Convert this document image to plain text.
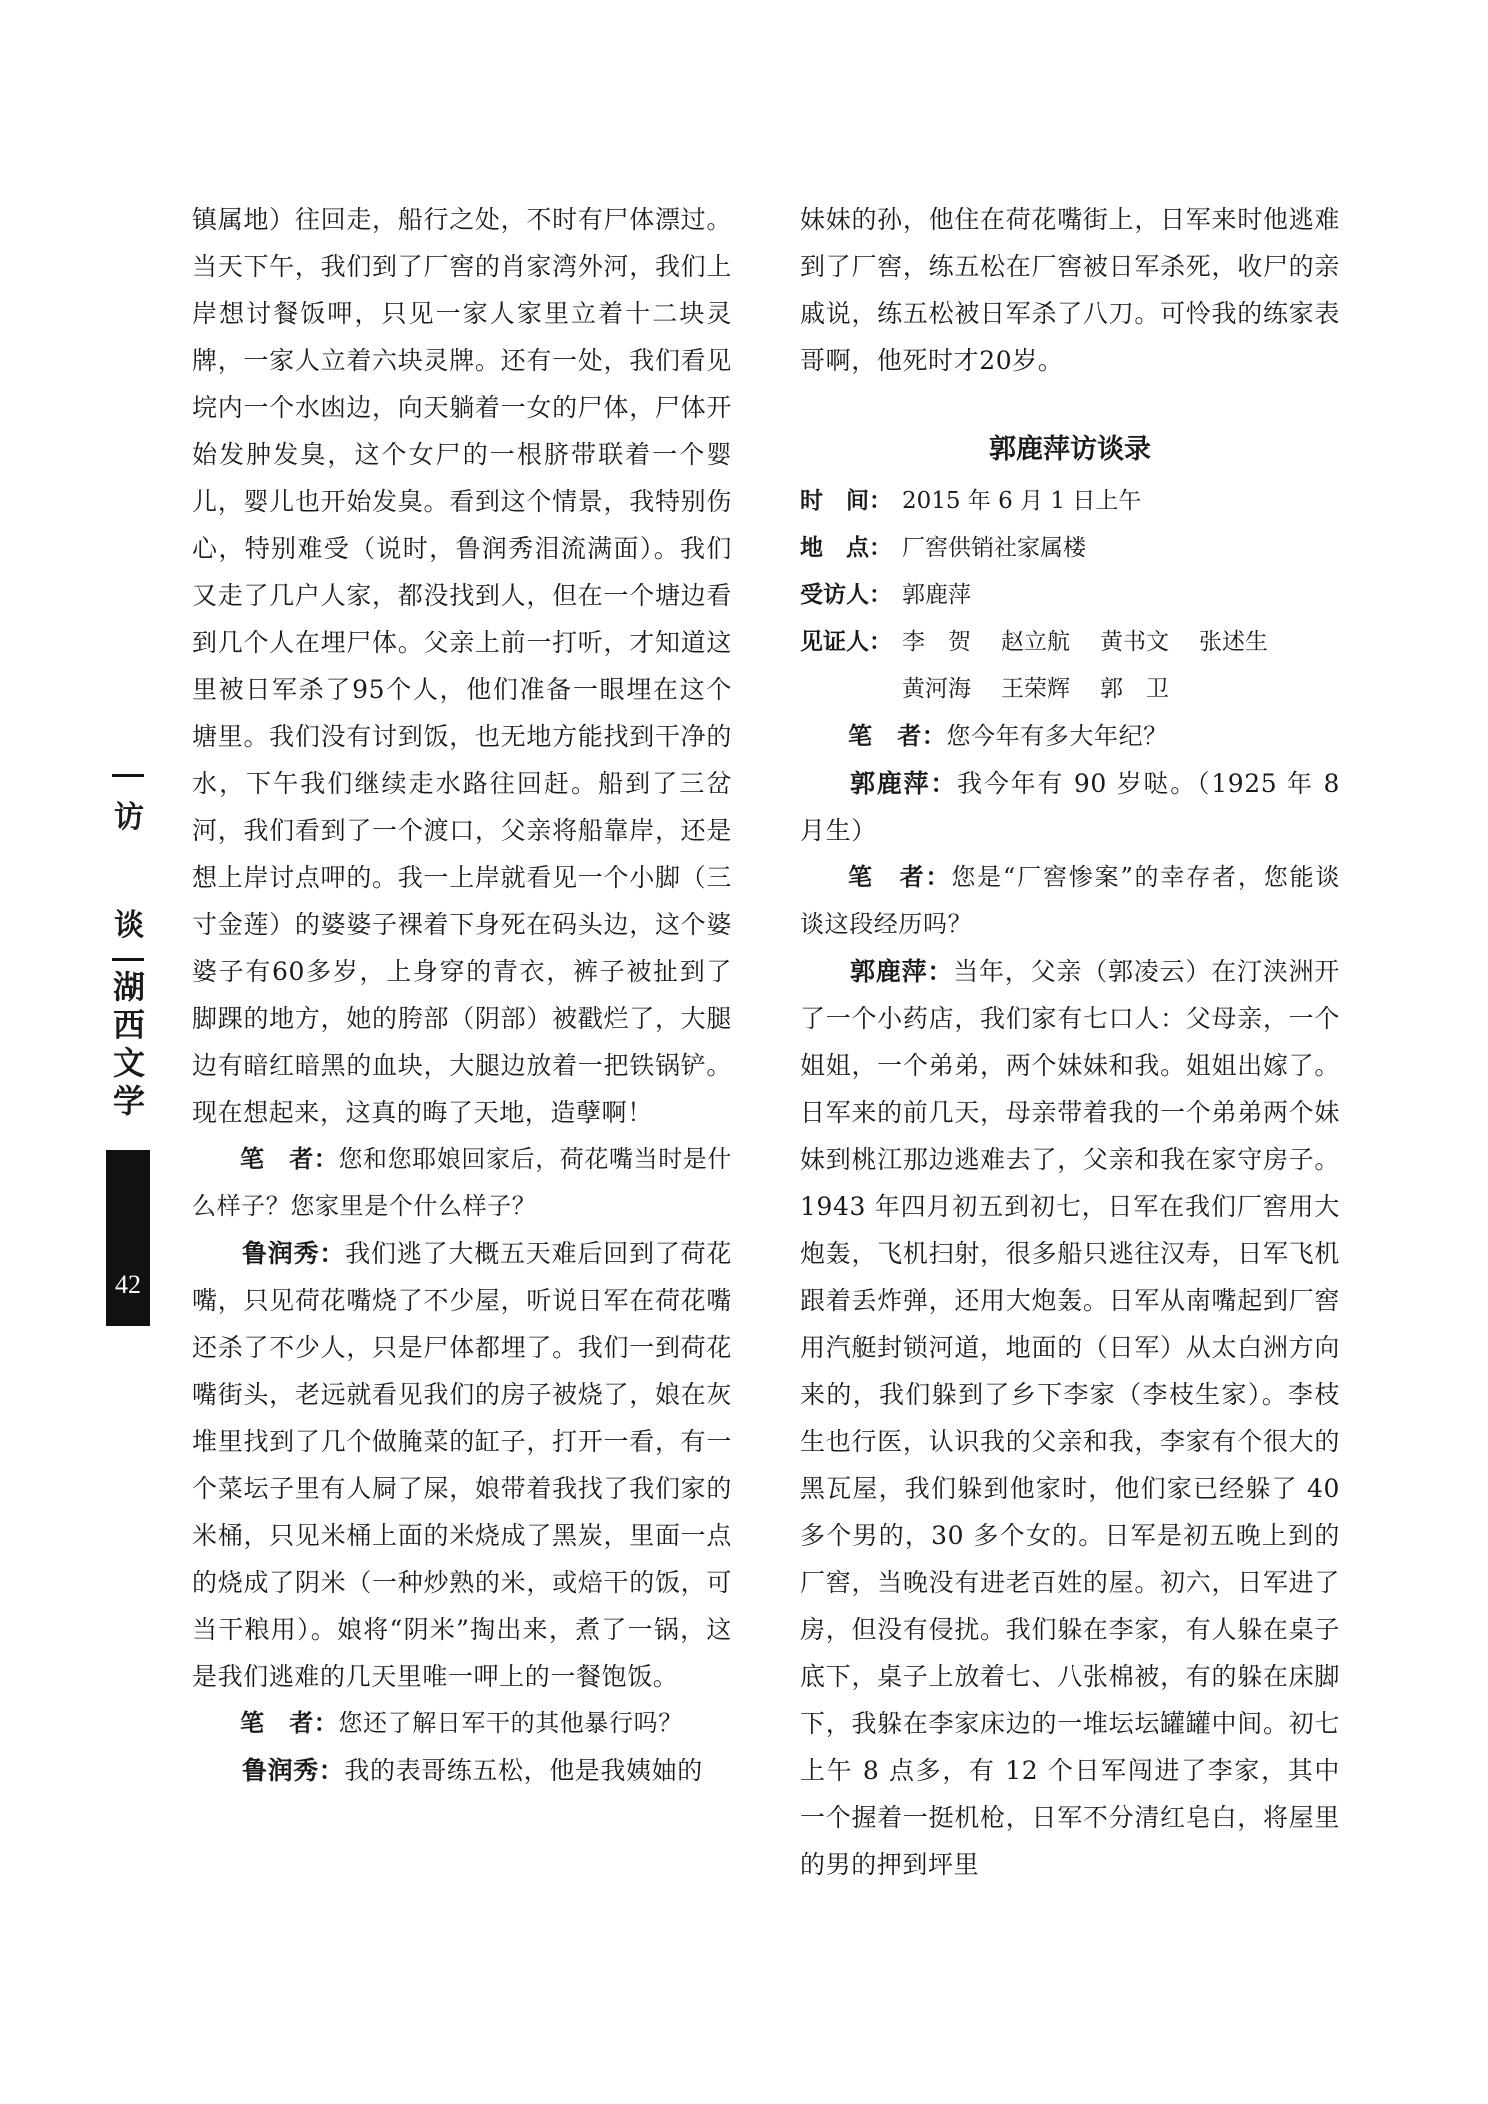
访
谈
湖
西
文
学
42

镇属地）往回走，船行之处，不时有尸体漂过。当天下午，我们到了厂窖的肖家湾外河，我们上岸想讨餐饭呷，只见一家人家里立着十二块灵牌，一家人立着六块灵牌。还有一处，我们看见垸内一个水凼边，向天躺着一女的尸体，尸体开始发肿发臭，这个女尸的一根脐带联着一个婴儿，婴儿也开始发臭。看到这个情景，我特别伤心，特别难受（说时，鲁润秀泪流满面）。我们又走了几户人家，都没找到人，但在一个塘边看到几个人在埋尸体。父亲上前一打听，才知道这里被日军杀了95个人，他们准备一眼埋在这个塘里。我们没有讨到饭，也无地方能找到干净的水，下午我们继续走水路往回赶。船到了三岔河，我们看到了一个渡口，父亲将船靠岸，还是想上岸讨点呷的。我一上岸就看见一个小脚（三寸金莲）的婆婆子裸着下身死在码头边，这个婆婆子有60多岁，上身穿的青衣，裤子被扯到了脚踝的地方，她的胯部（阴部）被戳烂了，大腿边有暗红暗黑的血块，大腿边放着一把铁锅铲。现在想起来，这真的晦了天地，造孽啊！

笔　者：您和您耶娘回家后，荷花嘴当时是什么样子？您家里是个什么样子？

鲁润秀：我们逃了大概五天难后回到了荷花嘴，只见荷花嘴烧了不少屋，听说日军在荷花嘴还杀了不少人，只是尸体都埋了。我们一到荷花嘴街头，老远就看见我们的房子被烧了，娘在灰堆里找到了几个做腌菜的缸子，打开一看，有一个菜坛子里有人屙了屎，娘带着我找了我们家的米桶，只见米桶上面的米烧成了黑炭，里面一点的烧成了阴米（一种炒熟的米，或焙干的饭，可当干粮用）。娘将“阴米”掏出来，煮了一锅，这是我们逃难的几天里唯一呷上的一餐饱饭。

笔　者：您还了解日军干的其他暴行吗？

鲁润秀：我的表哥练五松，他是我姨妯的

妹妹的孙，他住在荷花嘴街上，日军来时他逃难到了厂窖，练五松在厂窖被日军杀死，收尸的亲戚说，练五松被日军杀了八刀。可怜我的练家表哥啊，他死时才20岁。

郭鹿萍访谈录
时　间： 2015 年 6 月 1 日上午
地　点： 厂窖供销社家属楼
受访人： 郭鹿萍
见证人： 李　贺 赵立航 黄书文 张述生
黄河海 王荣辉 郭　卫

笔　者：您今年有多大年纪？

郭鹿萍：我今年有 90 岁哒。（1925 年 8 月生）

笔　者：您是“厂窖惨案”的幸存者，您能谈谈这段经历吗？

郭鹿萍：当年，父亲（郭凌云）在汀浃洲开了一个小药店，我们家有七口人：父母亲，一个姐姐，一个弟弟，两个妹妹和我。姐姐出嫁了。日军来的前几天，母亲带着我的一个弟弟两个妹妹到桃江那边逃难去了，父亲和我在家守房子。1943 年四月初五到初七，日军在我们厂窖用大炮轰，飞机扫射，很多船只逃往汉寿，日军飞机跟着丢炸弹，还用大炮轰。日军从南嘴起到厂窖用汽艇封锁河道，地面的（日军）从太白洲方向来的，我们躲到了乡下李家（李枝生家）。李枝生也行医，认识我的父亲和我，李家有个很大的黑瓦屋，我们躲到他家时，他们家已经躲了 40 多个男的，30 多个女的。日军是初五晚上到的厂窖，当晚没有进老百姓的屋。初六，日军进了房，但没有侵扰。我们躲在李家，有人躲在桌子底下，桌子上放着七、八张棉被，有的躲在床脚下，我躲在李家床边的一堆坛坛罐罐中间。初七上午 8 点多，有 12 个日军闯进了李家，其中一个握着一挺机枪，日军不分清红皂白，将屋里的男的押到坪里
